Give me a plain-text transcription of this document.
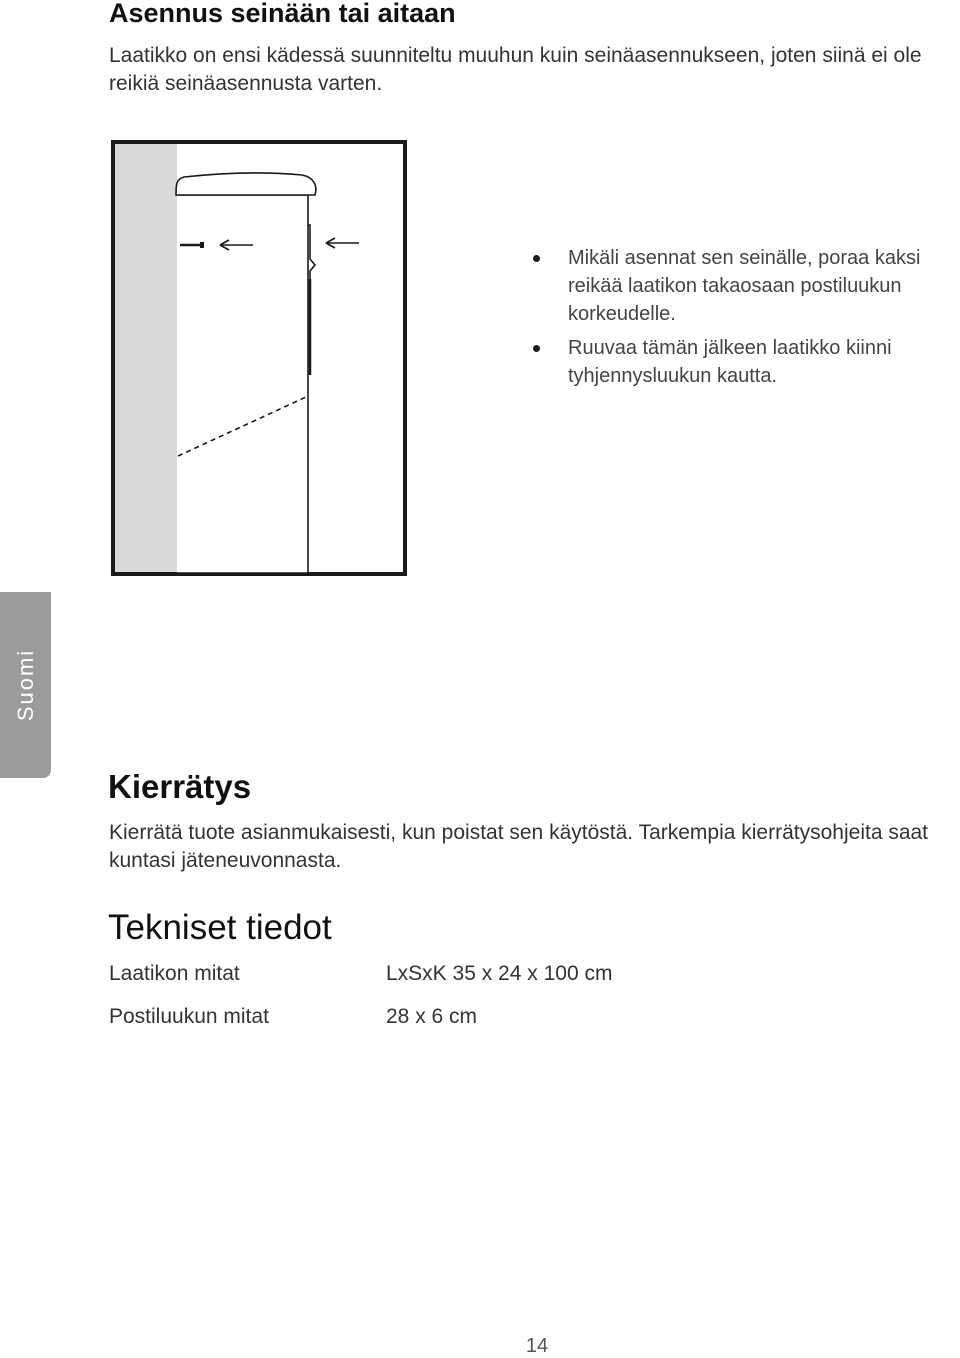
Asennus seinään tai aitaan

Laatikko on ensi kädessä suunniteltu muuhun kuin seinäasennukseen, joten siinä ei ole reikiä seinäasennusta varten.

Mikäli asennat sen seinälle, poraa kaksi reikää laatikon takaosaan postiluukun korkeudelle.
Ruuvaa tämän jälkeen laatikko kiinni tyhjennysluukun kautta.
Suomi
Kierrätys

Kierrätä tuote asianmukaisesti, kun poistat sen käytöstä. Tarkempia kierrätysohjeita saat kuntasi jäteneuvonnasta.

Tekniset tiedot
Laatikon mitat	LxSxK 35 x 24 x 100 cm
Postiluukun mitat	28 x 6 cm
14
